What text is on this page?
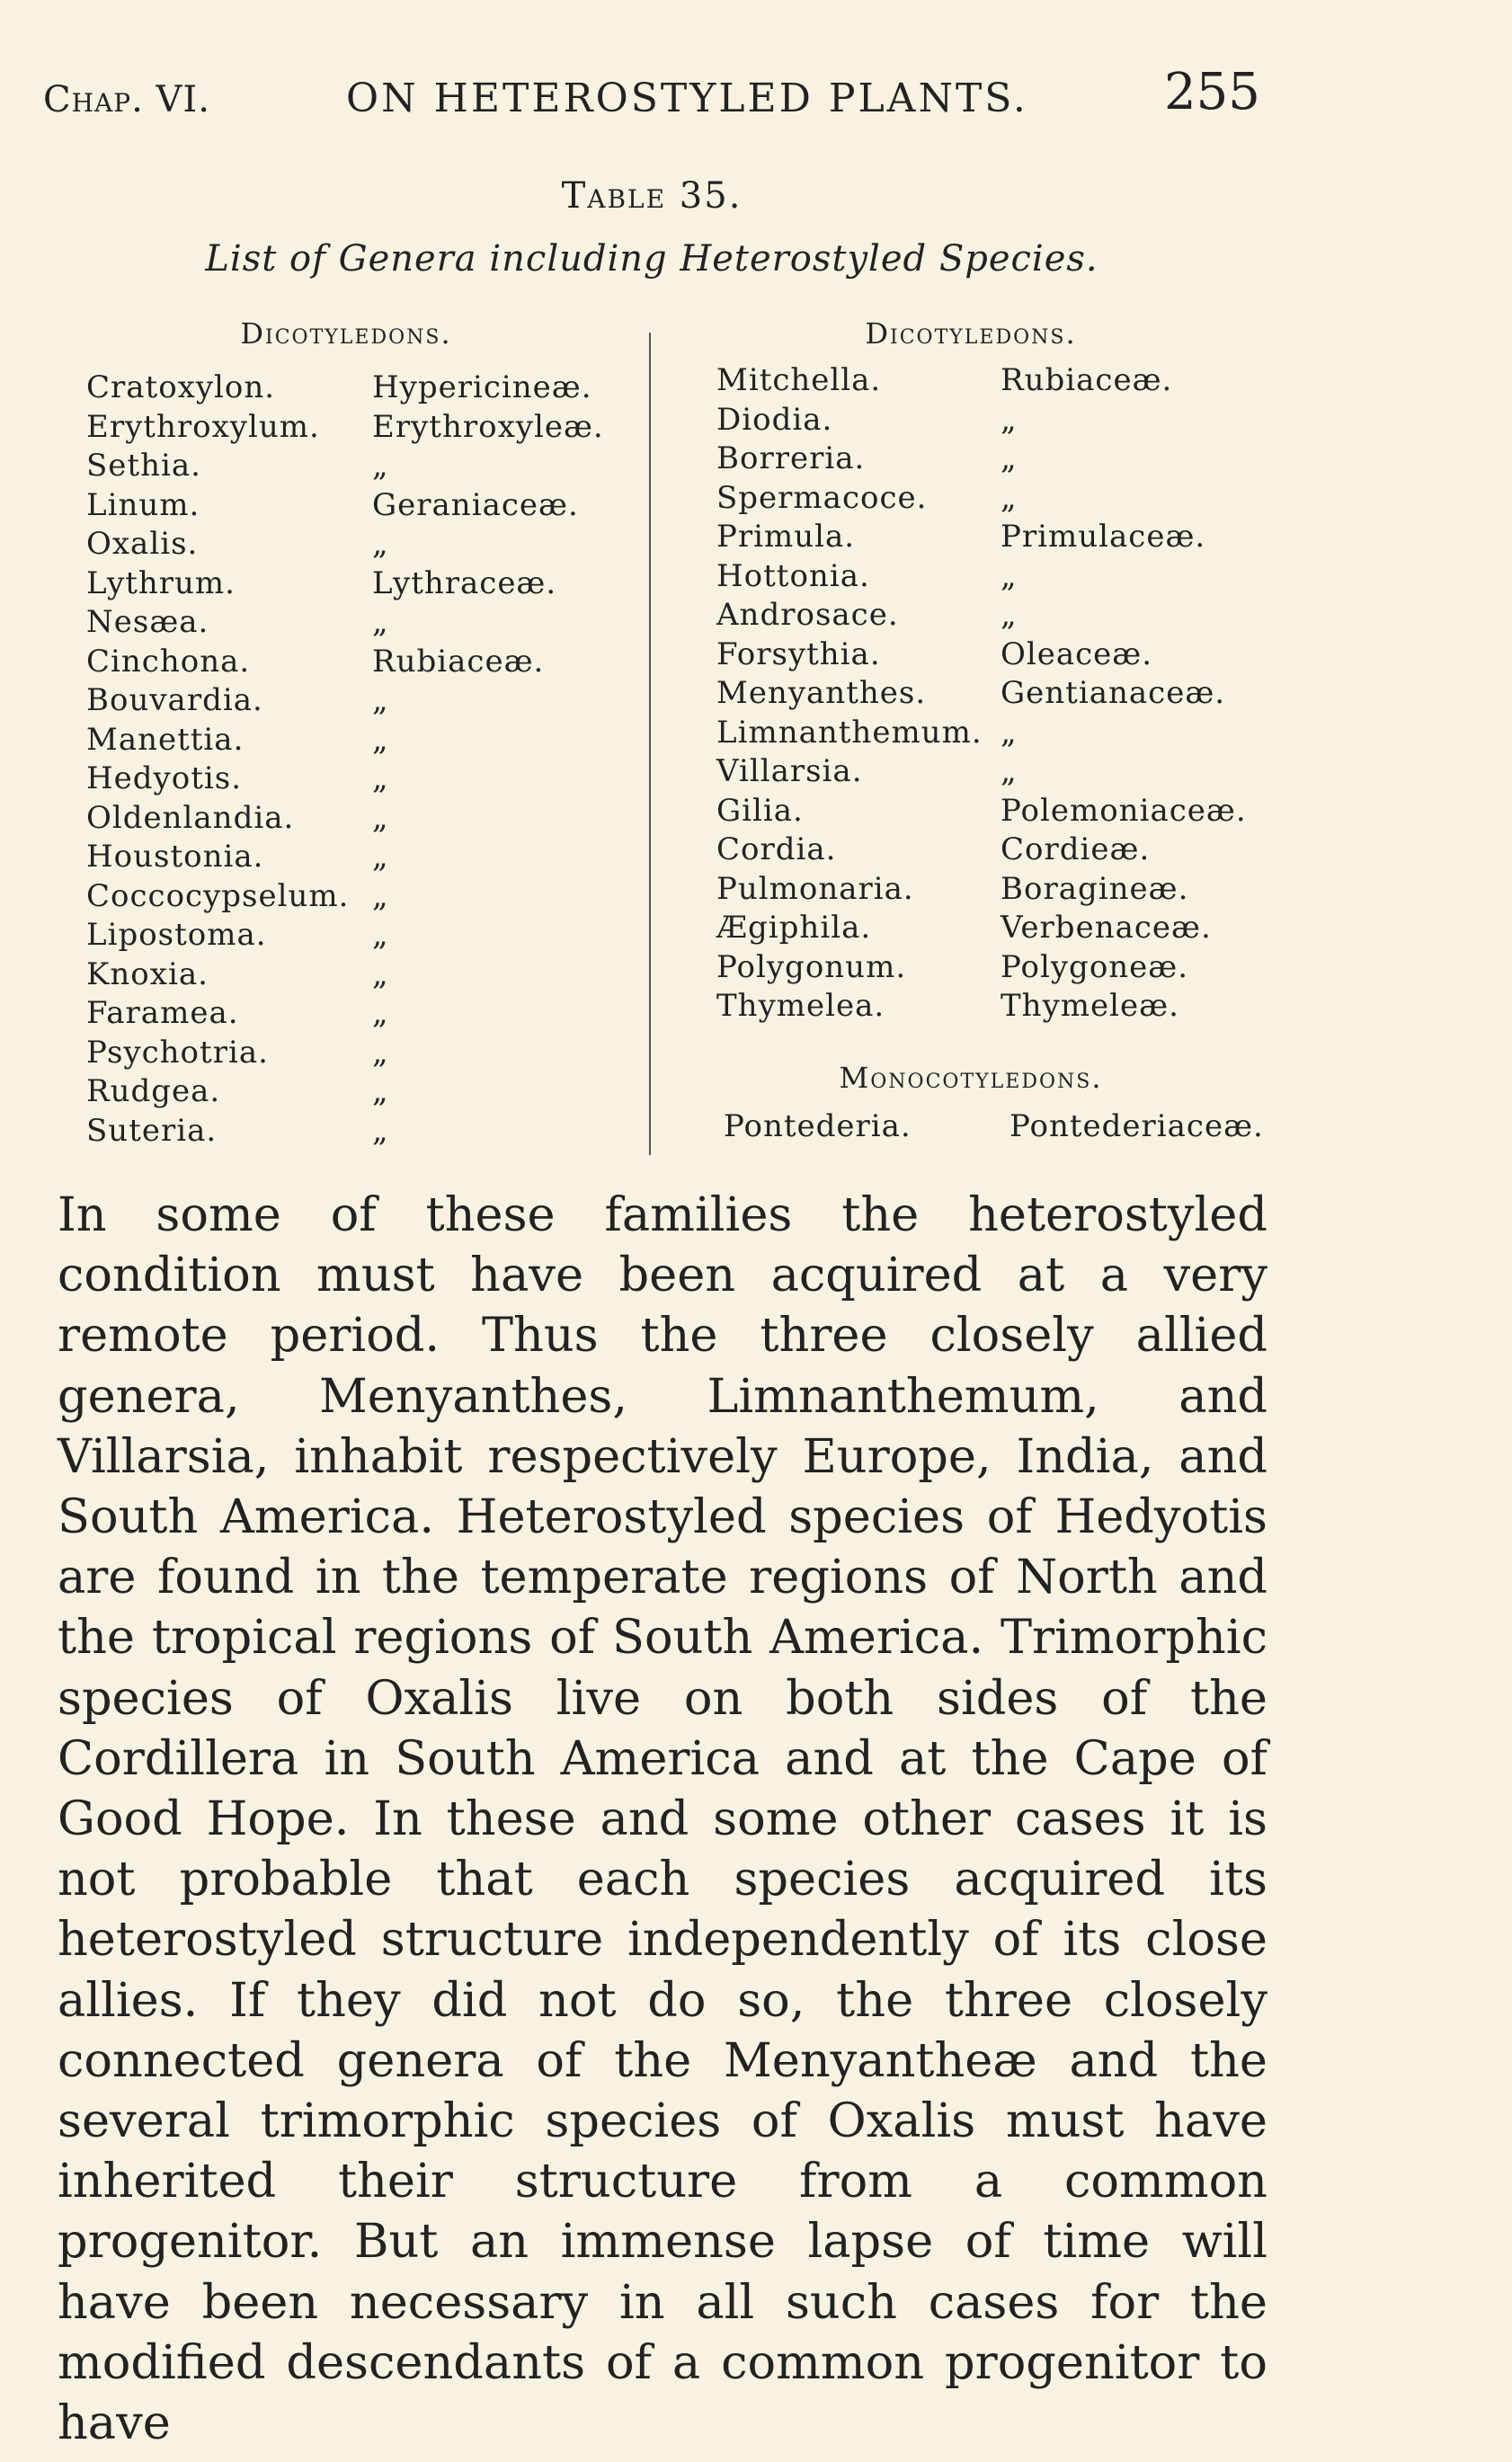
Chap. VI.	ON HETEROSTYLED PLANTS.	255
Table 35.
List of Genera including Heterostyled Species.
Dicotyledons.	Dicotyledons.
Cratoxylon.	Hypericineæ.
Erythroxylum. Erythroxyleæ.
Sethia.	„
Linum.	Geraniaceæ.
Oxalis.	„
Lythrum.	Lythraceæ.
Nesæa.	„
Cinchona.	Rubiaceæ.
Bouvardia.	„
Manettia.	„
Hedyotis.	„
Oldenlandia.	„
Houstonia.	„
Coccocypselum. „
Lipostoma.	„
Knoxia.	„
Faramea.	„
Psychotria.	„
Rudgea.	„
Suteria.	„
Mitchella.	Rubiaceæ.
Diodia.	„
Borreria.	„
Spermacoce. „
Primula.	Primulaceæ.
Hottonia.	„
Androsace.	„
Forsythia.	Oleaceæ.
Menyanthes. Gentianaceæ.
Limnanthemum. „
Villarsia.	„
Gilia.	Polemoniaceæ.
Cordia.	Cordieæ.
Pulmonaria.	Boragineæ.
Ægiphila.	Verbenaceæ.
Polygonum.	Polygoneæ.
Thymelea.	Thymeleæ.
Monocotyledons.
Pontederia.	Pontederiaceæ.

In some of these families the heterostyled condition must have been acquired at a very remote period. Thus the three closely allied genera, Menyanthes, Limnanthemum, and Villarsia, inhabit respectively Europe, India, and South America. Heterostyled species of Hedyotis are found in the temperate regions of North and the tropical regions of South America. Trimorphic species of Oxalis live on both sides of the Cordillera in South America and at the Cape of Good Hope. In these and some other cases it is not probable that each species acquired its heterostyled structure independently of its close allies. If they did not do so, the three closely connected genera of the Menyantheæ and the several trimorphic species of Oxalis must have inherited their structure from a common progenitor. But an immense lapse of time will have been necessary in all such cases for the modified descendants of a common progenitor to have
